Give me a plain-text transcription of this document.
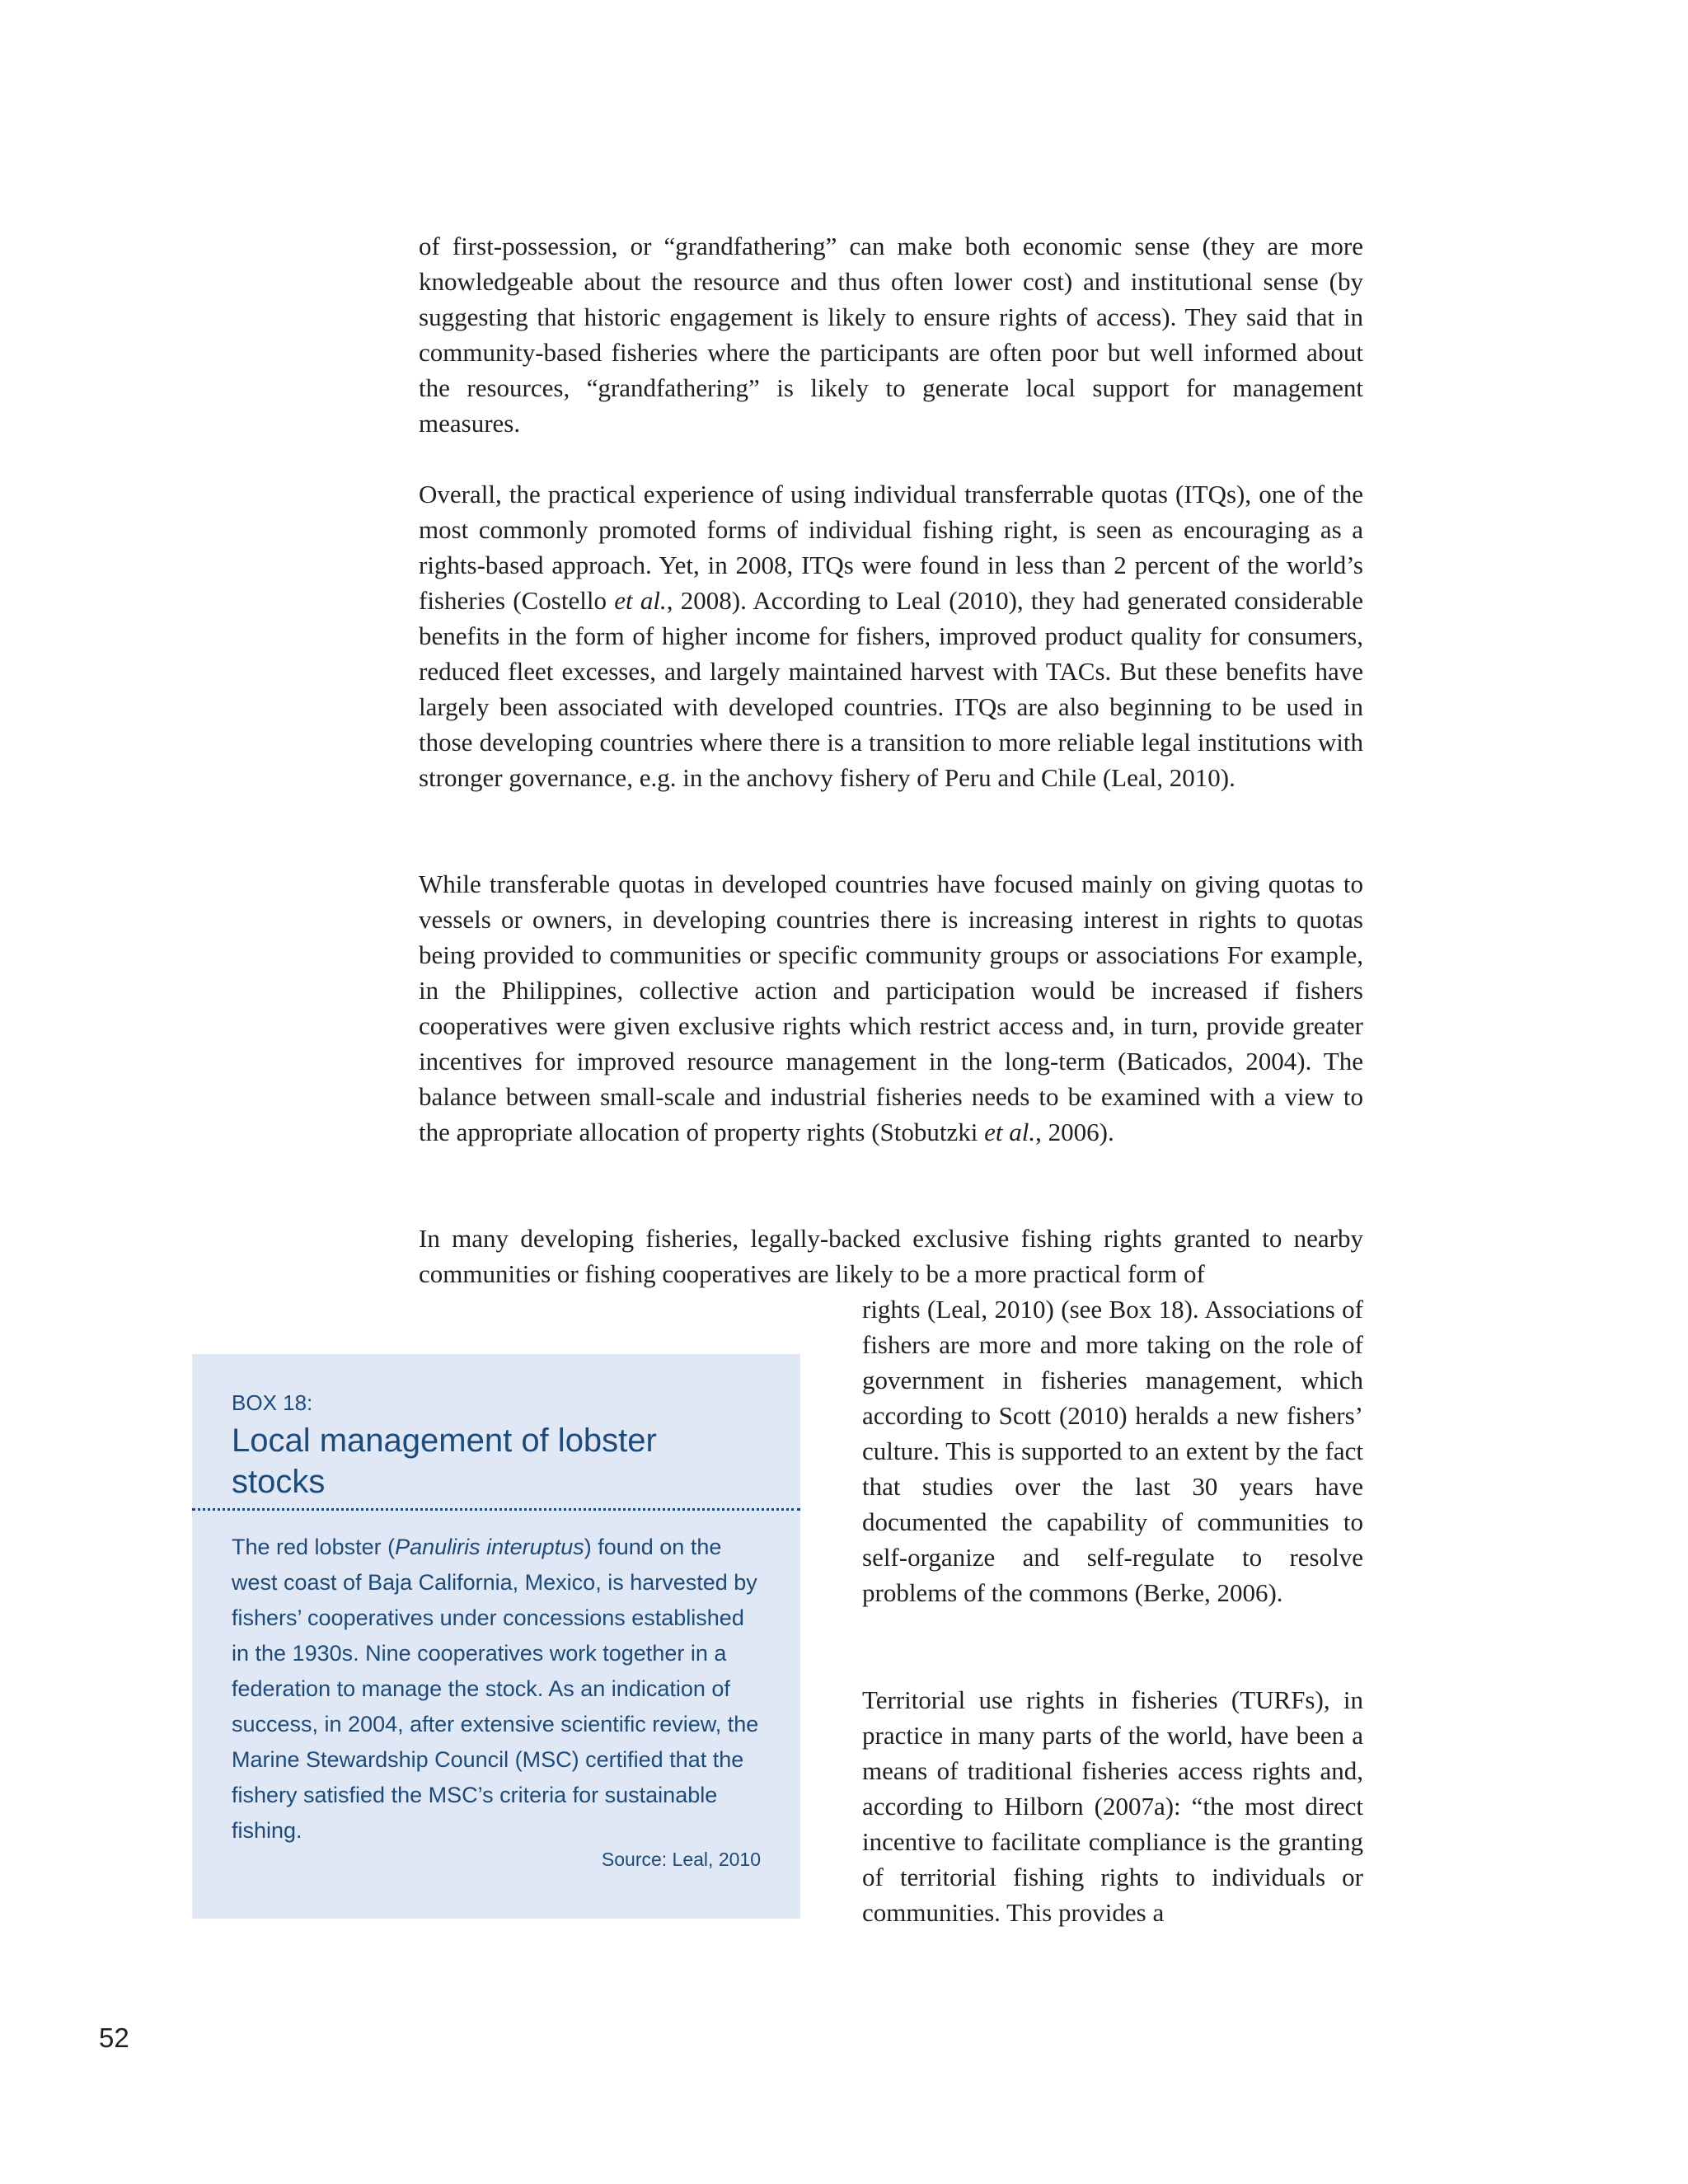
of first-possession, or “grandfathering” can make both economic sense (they are more knowledgeable about the resource and thus often lower cost) and institutional sense (by suggesting that historic engagement is likely to ensure rights of access). They said that in community-based fisheries where the participants are often poor but well informed about the resources, “grandfathering” is likely to generate local support for management measures.

Overall, the practical experience of using individual transferrable quotas (ITQs), one of the most commonly promoted forms of individual fishing right, is seen as encouraging as a rights-based approach. Yet, in 2008, ITQs were found in less than 2 percent of the world’s fisheries (Costello et al., 2008). According to Leal (2010), they had generated considerable benefits in the form of higher income for fishers, improved product quality for consumers, reduced fleet excesses, and largely maintained harvest with TACs. But these benefits have largely been associated with developed countries. ITQs are also beginning to be used in those developing countries where there is a transition to more reliable legal institutions with stronger governance, e.g. in the anchovy fishery of Peru and Chile (Leal, 2010).

While transferable quotas in developed countries have focused mainly on giving quotas to vessels or owners, in developing countries there is increasing interest in rights to quotas being provided to communities or specific community groups or associations For example, in the Philippines, collective action and participation would be increased if fishers cooperatives were given exclusive rights which restrict access and, in turn, provide greater incentives for improved resource management in the long-term (Baticados, 2004). The balance between small-scale and industrial fisheries needs to be examined with a view to the appropriate allocation of property rights (Stobutzki et al., 2006).

In many developing fisheries, legally-backed exclusive fishing rights granted to nearby communities or fishing cooperatives are likely to be a more practical form of

rights (Leal, 2010) (see Box 18). Associations of fishers are more and more taking on the role of government in fisheries management, which according to Scott (2010) heralds a new fishers’ culture. This is supported to an extent by the fact that studies over the last 30 years have documented the capability of communities to self-organize and self-regulate to resolve problems of the commons (Berke, 2006).

Territorial use rights in fisheries (TURFs), in practice in many parts of the world, have been a means of traditional fisheries access rights and, according to Hilborn (2007a): “the most direct incentive to facilitate compliance is the granting of territorial fishing rights to individuals or communities. This provides a

BOX 18:

Local management of lobster stocks

The red lobster (Panuliris interuptus) found on the west coast of Baja California, Mexico, is harvested by fishers’ cooperatives under concessions established in the 1930s. Nine cooperatives work together in a federation to manage the stock. As an indication of success, in 2004, after extensive scientific review, the Marine Stewardship Council (MSC) certified that the fishery satisfied the MSC’s criteria for sustainable fishing.

Source: Leal, 2010

52
